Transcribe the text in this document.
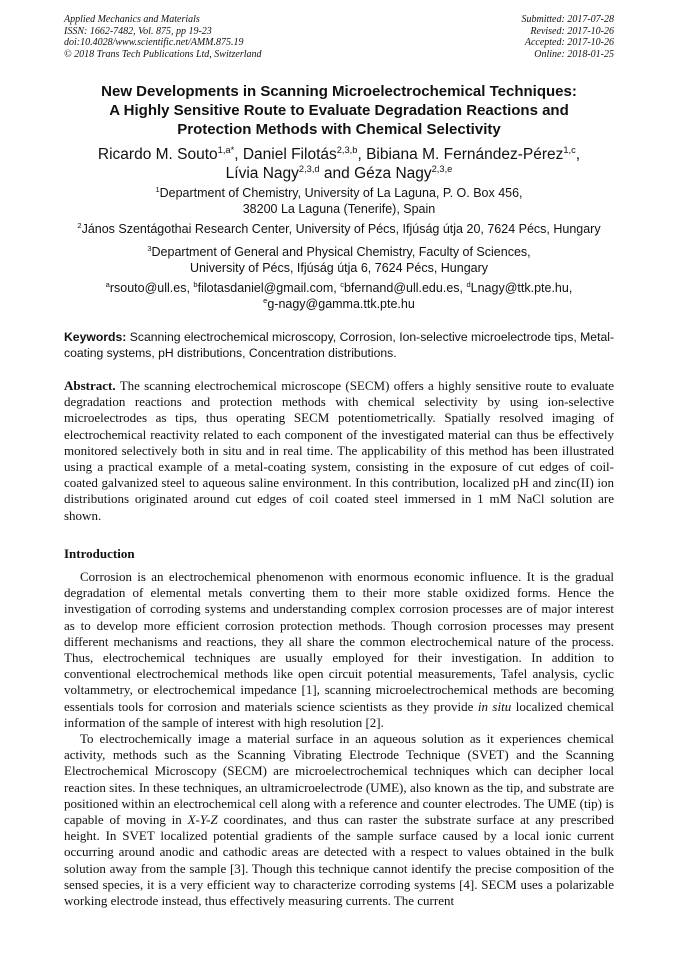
Applied Mechanics and Materials
ISSN: 1662-7482, Vol. 875, pp 19-23
doi:10.4028/www.scientific.net/AMM.875.19
© 2018 Trans Tech Publications Ltd, Switzerland
Submitted: 2017-07-28
Revised: 2017-10-26
Accepted: 2017-10-26
Online: 2018-01-25
New Developments in Scanning Microelectrochemical Techniques:
A Highly Sensitive Route to Evaluate Degradation Reactions and
Protection Methods with Chemical Selectivity
Ricardo M. Souto$^{1,a*}$, Daniel Filotás$^{2,3,b}$, Bibiana M. Fernández-Pérez$^{1,c}$,
Lívia Nagy$^{2,3,d}$ and Géza Nagy$^{2,3,e}$
$^1$Department of Chemistry, University of La Laguna, P. O. Box 456,
38200 La Laguna (Tenerife), Spain
$^2$János Szentágothai Research Center, University of Pécs, Ifjúság útja 20, 7624 Pécs, Hungary
$^3$Department of General and Physical Chemistry, Faculty of Sciences,
University of Pécs, Ifjúság útja 6, 7624 Pécs, Hungary
$^a$rsouto@ull.es, $^b$filotasdaniel@gmail.com, $^c$bfernand@ull.edu.es, $^d$Lnagy@ttk.pte.hu,
$^e$g-nagy@gamma.ttk.pte.hu
Keywords: Scanning electrochemical microscopy, Corrosion, Ion-selective microelectrode tips, Metal-coating systems, pH distributions, Concentration distributions.
Abstract. The scanning electrochemical microscope (SECM) offers a highly sensitive route to evaluate degradation reactions and protection methods with chemical selectivity by using ion-selective microelectrodes as tips, thus operating SECM potentiometrically. Spatially resolved imaging of electrochemical reactivity related to each component of the investigated material can thus be effectively monitored selectively both in situ and in real time. The applicability of this method has been illustrated using a practical example of a metal-coating system, consisting in the exposure of cut edges of coil-coated galvanized steel to aqueous saline environment. In this contribution, localized pH and zinc(II) ion distributions originated around cut edges of coil coated steel immersed in 1 mM NaCl solution are shown.
Introduction

Corrosion is an electrochemical phenomenon with enormous economic influence. It is the gradual degradation of elemental metals converting them to their more stable oxidized forms. Hence the investigation of corroding systems and understanding complex corrosion processes are of major interest as to develop more efficient corrosion protection methods. Though corrosion processes may present different mechanisms and reactions, they all share the common electrochemical nature of the process. Thus, electrochemical techniques are usually employed for their investigation. In addition to conventional electrochemical methods like open circuit potential measurements, Tafel analysis, cyclic voltammetry, or electrochemical impedance [1], scanning microelectrochemical methods are becoming essentials tools for corrosion and materials science scientists as they provide in situ localized chemical information of the sample of interest with high resolution [2].

To electrochemically image a material surface in an aqueous solution as it experiences chemical activity, methods such as the Scanning Vibrating Electrode Technique (SVET) and the Scanning Electrochemical Microscopy (SECM) are microelectrochemical techniques which can decipher local reaction sites. In these techniques, an ultramicroelectrode (UME), also known as the tip, and substrate are positioned within an electrochemical cell along with a reference and counter electrodes. The UME (tip) is capable of moving in X-Y-Z coordinates, and thus can raster the substrate surface at any prescribed height. In SVET localized potential gradients of the sample surface caused by a local ionic current occurring around anodic and cathodic areas are detected with a respect to values obtained in the bulk solution away from the sample [3]. Though this technique cannot identify the precise composition of the sensed species, it is a very efficient way to characterize corroding systems [4]. SECM uses a polarizable working electrode instead, thus effectively measuring currents. The current
